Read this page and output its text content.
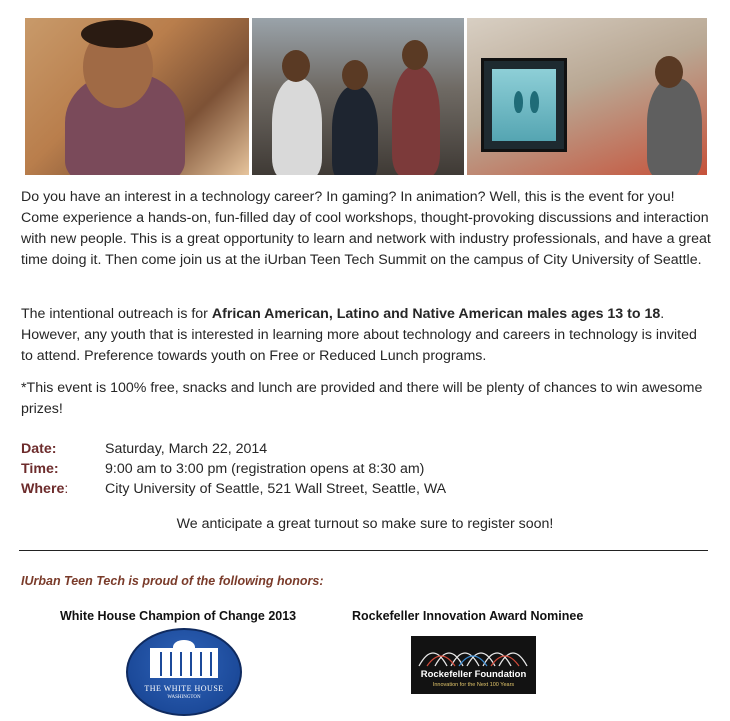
Do you have an interest in a technology career? In gaming? In animation? Well, this is the event for you! Come experience a hands-on, fun-filled day of cool workshops, thought-provoking discussions and interaction with new people. This is a great opportunity to learn and network with industry professionals, and have a great time doing it. Then come join us at the iUrban Teen Tech Summit on the campus of City University of Seattle.
The intentional outreach is for African American, Latino and Native American males ages 13 to 18. However, any youth that is interested in learning more about technology and careers in technology is invited to attend. Preference towards youth on Free or Reduced Lunch programs.
*This event is 100% free, snacks and lunch are provided and there will be plenty of chances to win awesome prizes!
Date:	Saturday, March 22, 2014
Time:	9:00 am to 3:00 pm (registration opens at 8:30 am)
Where:	City University of Seattle, 521 Wall Street, Seattle, WA
We anticipate a great turnout so make sure to register soon!
IUrban Teen Tech is proud of the following honors:
White House Champion of Change 2013	Rockefeller Innovation Award Nominee
THE WHITE HOUSE
WASHINGTON
Rockefeller Foundation
Innovation for the Next 100 Years
